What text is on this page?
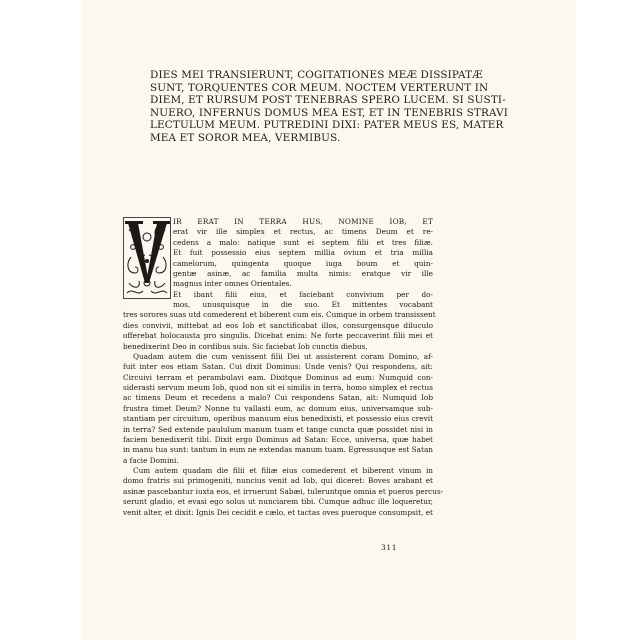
DIES MEI TRANSIERUNT, COGITATIONES MEÆ DISSIPATÆ
SUNT, TORQUENTES COR MEUM. NOCTEM VERTERUNT IN
DIEM, ET RURSUM POST TENEBRAS SPERO LUCEM. SI SUSTI-
NUERO, INFERNUS DOMUS MEA EST, ET IN TENEBRIS STRAVI
LECTULUM MEUM. PUTREDINI DIXI: PATER MEUS ES, MATER
MEA ET SOROR MEA, VERMIBUS.
V
IR ERAT IN TERRA HUS, NOMINE IOB, ET
erat vir ille simplex et rectus, ac timens Deum et re-
cedens a malo: natique sunt ei septem filii et tres filiæ.
Et fuit possessio eius septem millia ovium et tria millia
camelorum, quingenta quoque iuga boum et quin-
gentæ asinæ, ac familia multa nimis: eratque vir ille
magnus inter omnes Orientales.
Et ibant filii eius, et faciebant convivium per do-
mos, unusquisque in die suo. Et mittentes vocabant
tres sorores suas utd comederent et biberent cum eis. Cumque in orbem transissent
dies convivii, mittebat ad eos Iob et sanctificabat illos, consurgensque diluculo
offerebat holocausta pro singulis. Dicebat enim: Ne forte peccaverint filii mei et
benedixerint Deo in cordibus suis. Sic faciebat Iob cunctis diebus.
Quadam autem die cum venissent filii Dei ut assisterent coram Domino, af-
fuit inter eos etiam Satan. Cui dixit Dominus: Unde venis? Qui respondens, ait:
Circuivi terram et perambulavi eam. Dixitque Dominus ad eum: Numquid con-
siderasti servum meum Iob, quod non sit ei similis in terra, homo simplex et rectus
ac timens Deum et recedens a malo? Cui respondens Satan, ait: Numquid Iob
frustra timet Deum? Nonne tu vallasti eum, ac domum eius, universamque sub-
stantiam per circuitum, operibus manuum eius benedixisti, et possessio eius crevit
in terra? Sed extende paululum manum tuam et tange cuncta quæ possidet nisi in
faciem benedixerit tibi. Dixit ergo Dominus ad Satan: Ecce, universa, quæ habet
in manu tua sunt: tantum in eum ne extendas manum tuam. Egressusque est Satan
a facie Domini.
Cum autem quadam die filii et filiæ eius comederent et biberent vinum in
domo fratris sui primogeniti, nuncius venit ad Iob, qui diceret: Boves arabant et
asinæ pascebantur iuxta eos, et irruerunt Sabæi, tuleruntque omnia et pueros percus-
serunt gladio, et evasi ego solus ut nunciarem tibi. Cumque adhuc ille loqueretur,
venit alter, et dixit: Ignis Dei cecidit e cælo, et tactas oves pueroque consumpsit, et
311
